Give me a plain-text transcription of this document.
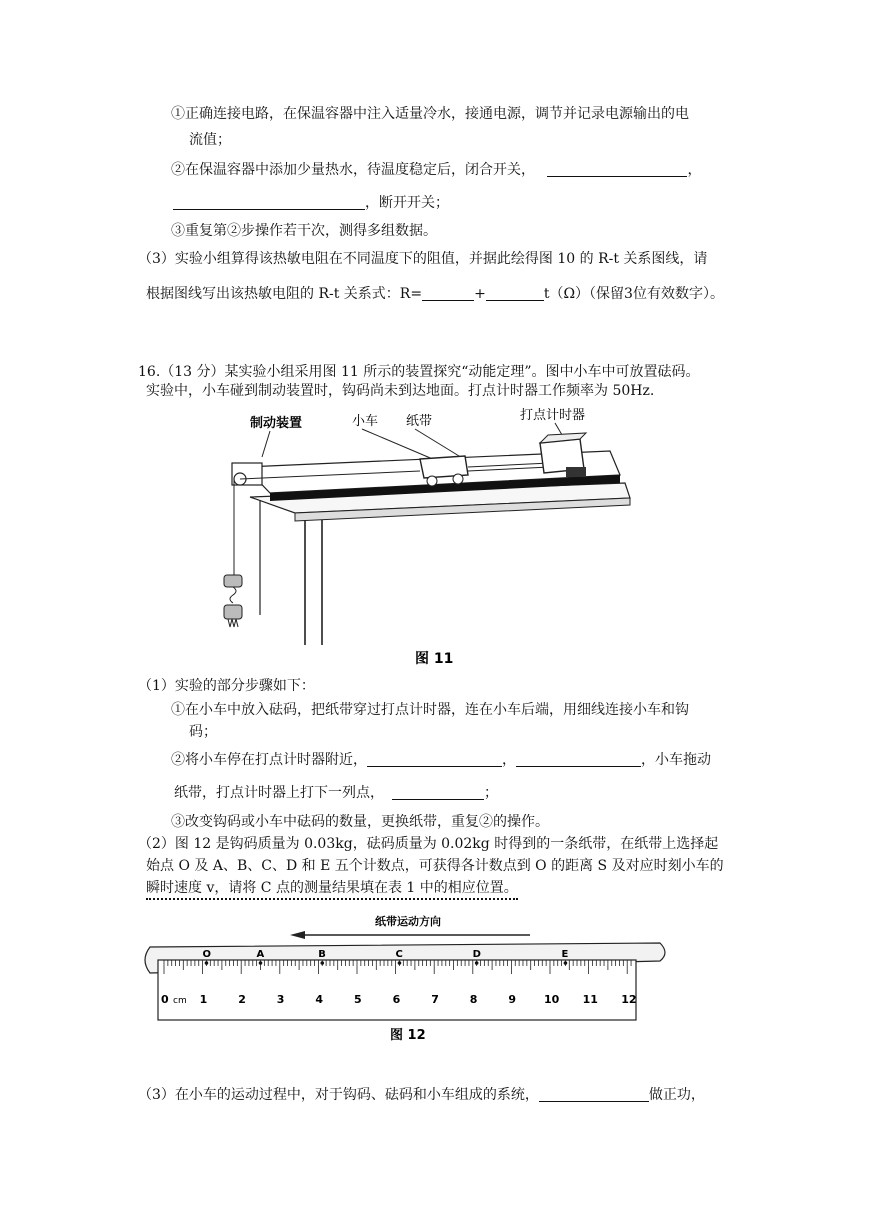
①正确连接电路，在保温容器中注入适量冷水，接通电源，调节并记录电源输出的电
流值；
②在保温容器中添加少量热水，待温度稳定后，闭合开关，	，
，断开开关；
③重复第②步操作若干次，测得多组数据。
（3）实验小组算得该热敏电阻在不同温度下的阻值，并据此绘得图 10 的 R-t 关系图线，请
根据图线写出该热敏电阻的 R-t 关系式：R=	+	t（Ω）（保留3位有效数字）。
16.（13 分）某实验小组采用图 11 所示的装置探究“动能定理”。图中小车中可放置砝码。
实验中，小车碰到制动装置时，钩码尚未到达地面。打点计时器工作频率为 50Hz.
制动装置	小车 纸带	打点计时器
图 11
（1）实验的部分步骤如下：
①在小车中放入砝码，把纸带穿过打点计时器，连在小车后端，用细线连接小车和钩
码；
②将小车停在打点计时器附近，	，	，小车拖动
纸带，打点计时器上打下一列点，	；
③改变钩码或小车中砝码的数量，更换纸带，重复②的操作。
（2）图 12 是钩码质量为 0.03kg，砝码质量为 0.02kg 时得到的一条纸带，在纸带上选择起
始点 O 及 A、B、C、D 和 E 五个计数点，可获得各计数点到 O 的距离 S 及对应时刻小车的
瞬时速度 v，请将 C 点的测量结果填在表 1 中的相应位置。
纸带运动方向
0	1	2	3	4	5	6	7	8	9	10 11 12
O	A	B	C	D	E
cm
图 12
（3）在小车的运动过程中，对于钩码、砝码和小车组成的系统，	做正功，
